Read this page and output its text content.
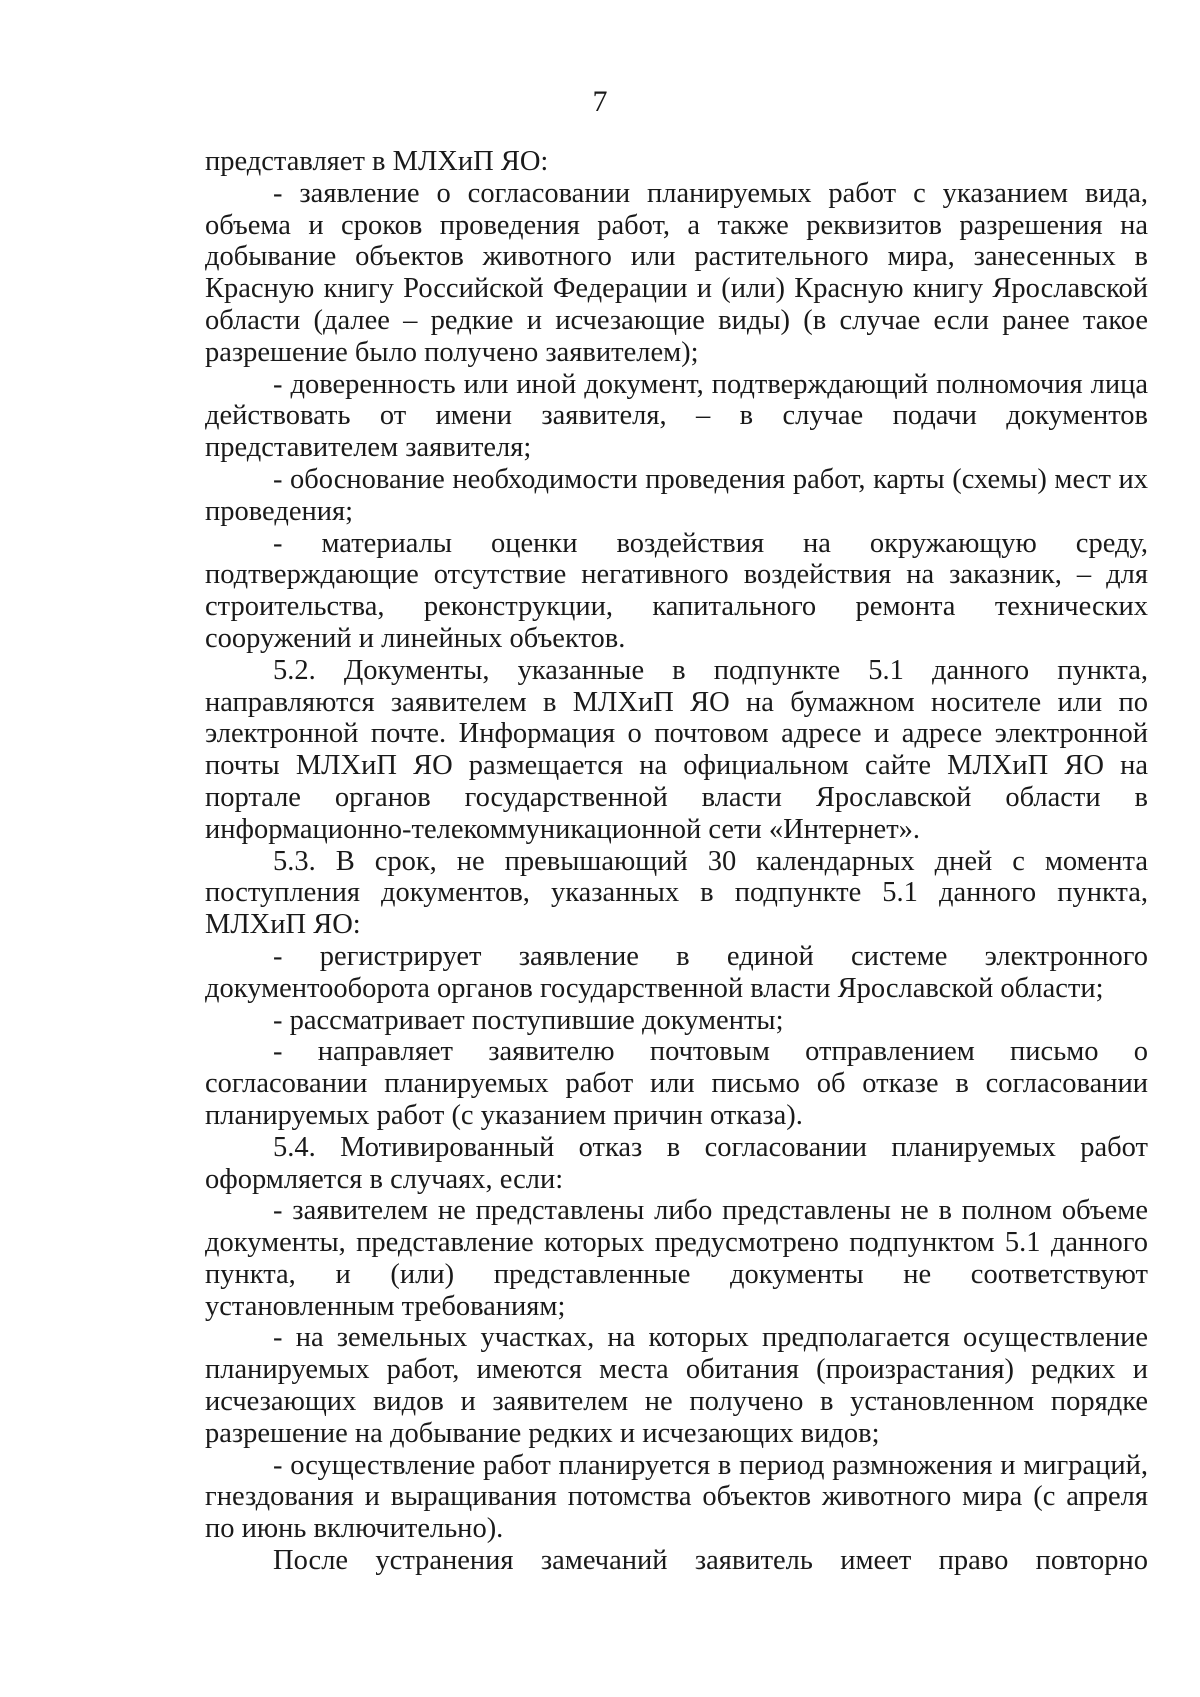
7

представляет в МЛХиП ЯО:

- заявление о согласовании планируемых работ с указанием вида, объема и сроков проведения работ, а также реквизитов разрешения на добывание объектов животного или растительного мира, занесенных в Красную книгу Российской Федерации и (или) Красную книгу Ярославской области (далее – редкие и исчезающие виды) (в случае если ранее такое разрешение было получено заявителем);

- доверенность или иной документ, подтверждающий полномочия лица действовать от имени заявителя, – в случае подачи документов представителем заявителя;

- обоснование необходимости проведения работ, карты (схемы) мест их проведения;

- материалы оценки воздействия на окружающую среду, подтверждающие отсутствие негативного воздействия на заказник, – для строительства, реконструкции, капитального ремонта технических сооружений и линейных объектов.

5.2. Документы, указанные в подпункте 5.1 данного пункта, направляются заявителем в МЛХиП ЯО на бумажном носителе или по электронной почте. Информация о почтовом адресе и адресе электронной почты МЛХиП ЯО размещается на официальном сайте МЛХиП ЯО на портале органов государственной власти Ярославской области в информационно-телекоммуникационной сети «Интернет».

5.3. В срок, не превышающий 30 календарных дней с момента поступления документов, указанных в подпункте 5.1 данного пункта, МЛХиП ЯО:

- регистрирует заявление в единой системе электронного документооборота органов государственной власти Ярославской области;

- рассматривает поступившие документы;

- направляет заявителю почтовым отправлением письмо о согласовании планируемых работ или письмо об отказе в согласовании планируемых работ (с указанием причин отказа).

5.4. Мотивированный отказ в согласовании планируемых работ оформляется в случаях, если:

- заявителем не представлены либо представлены не в полном объеме документы, представление которых предусмотрено подпунктом 5.1 данного пункта, и (или) представленные документы не соответствуют установленным требованиям;

- на земельных участках, на которых предполагается осуществление планируемых работ, имеются места обитания (произрастания) редких и исчезающих видов и заявителем не получено в установленном порядке разрешение на добывание редких и исчезающих видов;

- осуществление работ планируется в период размножения и миграций, гнездования и выращивания потомства объектов животного мира (с апреля по июнь включительно).

После устранения замечаний заявитель имеет право повторно
